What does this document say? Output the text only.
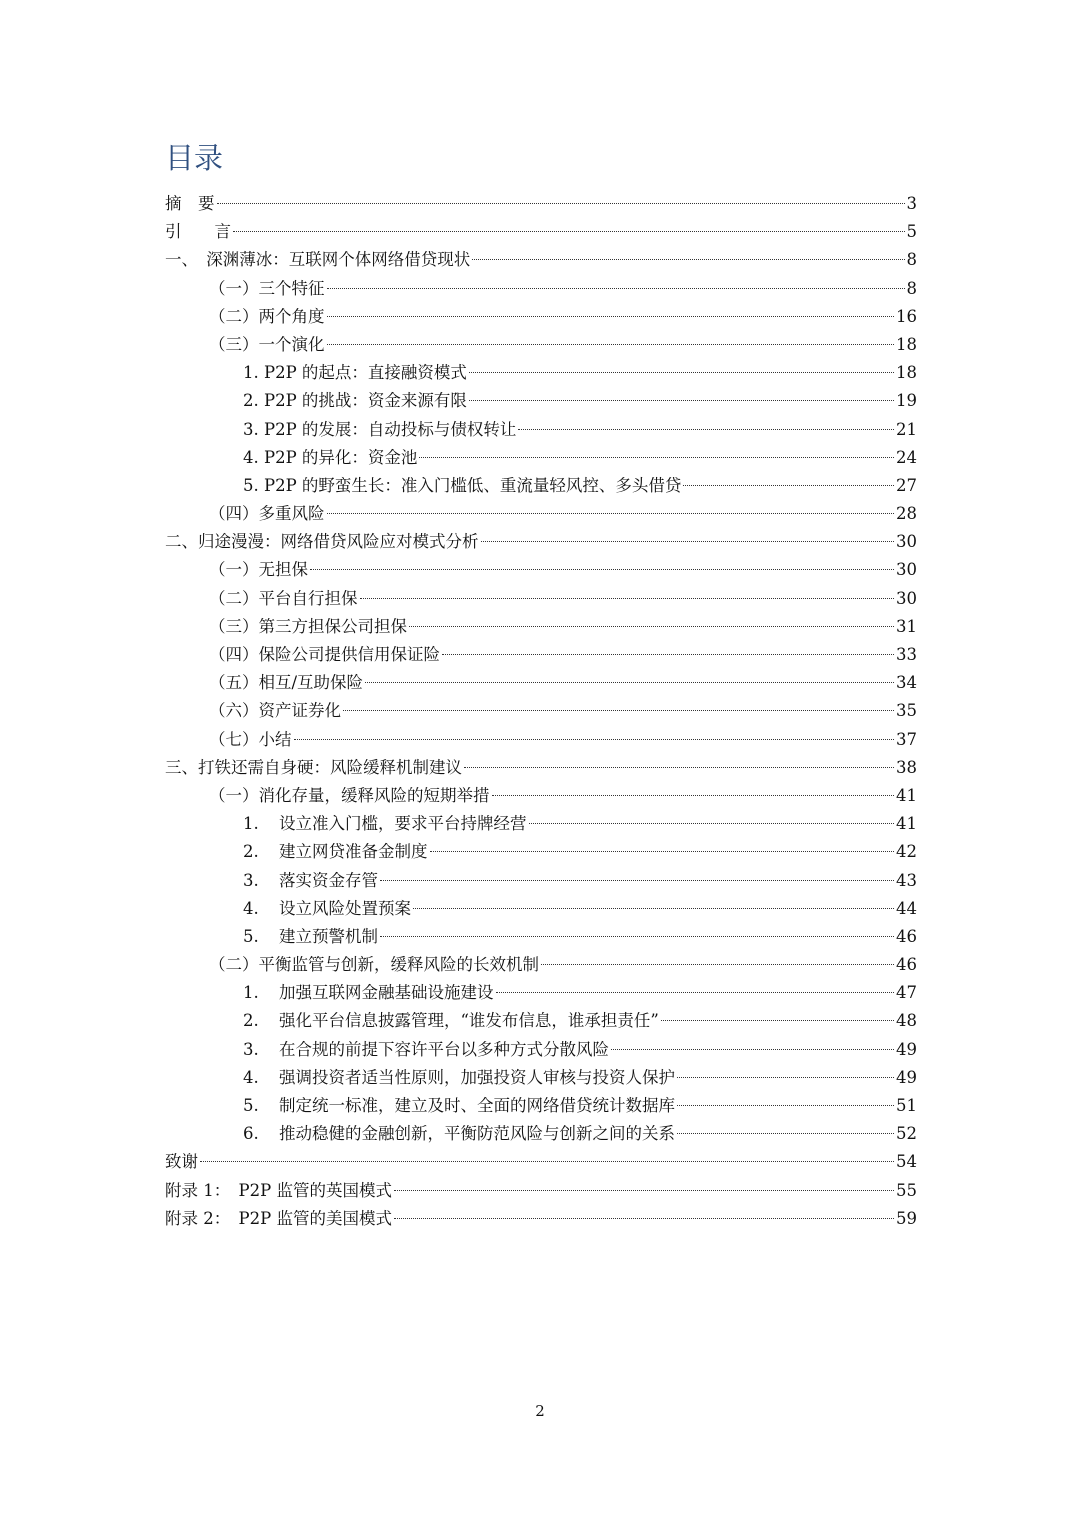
目录
摘　要	3
引　　言	5
一、　深渊薄冰：互联网个体网络借贷现状	8
（一）三个特征	8
（二）两个角度	16
（三）一个演化	18
1. P2P 的起点：直接融资模式	18
2. P2P 的挑战：资金来源有限	19
3. P2P 的发展：自动投标与债权转让	21
4. P2P 的异化：资金池	24
5. P2P 的野蛮生长：准入门槛低、重流量轻风控、多头借贷	27
（四）多重风险	28
二、归途漫漫：网络借贷风险应对模式分析	30
（一）无担保	30
（二）平台自行担保	30
（三）第三方担保公司担保	31
（四）保险公司提供信用保证险	33
（五）相互/互助保险	34
（六）资产证券化	35
（七）小结	37
三、打铁还需自身硬：风险缓释机制建议	38
（一）消化存量，缓释风险的短期举措	41
1. 设立准入门槛，要求平台持牌经营	41
2. 建立网贷准备金制度	42
3. 落实资金存管	43
4. 设立风险处置预案	44
5. 建立预警机制	46
（二）平衡监管与创新，缓释风险的长效机制	46
1. 加强互联网金融基础设施建设	47
2. 强化平台信息披露管理，“谁发布信息，谁承担责任”	48
3. 在合规的前提下容许平台以多种方式分散风险	49
4. 强调投资者适当性原则，加强投资人审核与投资人保护	49
5. 制定统一标准，建立及时、全面的网络借贷统计数据库	51
6. 推动稳健的金融创新，平衡防范风险与创新之间的关系	52
致谢	54
附录 1：　P2P 监管的英国模式	55
附录 2：　P2P 监管的美国模式	59
2
